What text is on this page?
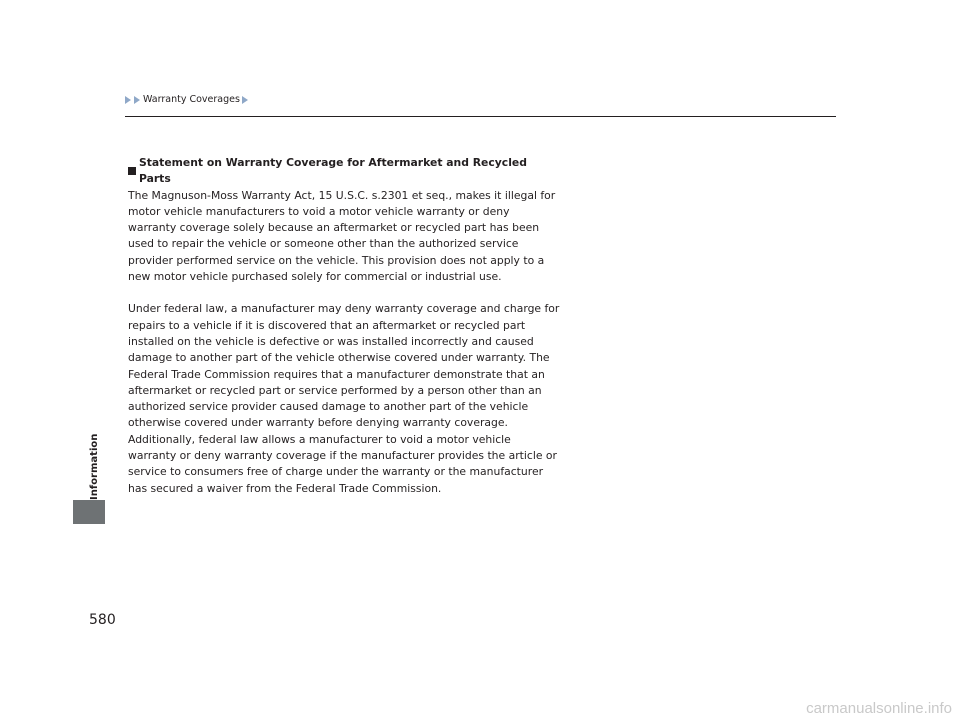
Warranty Coverages
Information

Statement on Warranty Coverage for Aftermarket and Recycled Parts

The Magnuson-Moss Warranty Act, 15 U.S.C. s.2301 et seq., makes it illegal for motor vehicle manufacturers to void a motor vehicle warranty or deny warranty coverage solely because an aftermarket or recycled part has been used to repair the vehicle or someone other than the authorized service provider performed service on the vehicle. This provision does not apply to a new motor vehicle purchased solely for commercial or industrial use.

Under federal law, a manufacturer may deny warranty coverage and charge for repairs to a vehicle if it is discovered that an aftermarket or recycled part installed on the vehicle is defective or was installed incorrectly and caused damage to another part of the vehicle otherwise covered under warranty. The Federal Trade Commission requires that a manufacturer demonstrate that an aftermarket or recycled part or service performed by a person other than an authorized service provider caused damage to another part of the vehicle otherwise covered under warranty before denying warranty coverage. Additionally, federal law allows a manufacturer to void a motor vehicle warranty or deny warranty coverage if the manufacturer provides the article or service to consumers free of charge under the warranty or the manufacturer has secured a waiver from the Federal Trade Commission.

580
carmanualsonline.info
